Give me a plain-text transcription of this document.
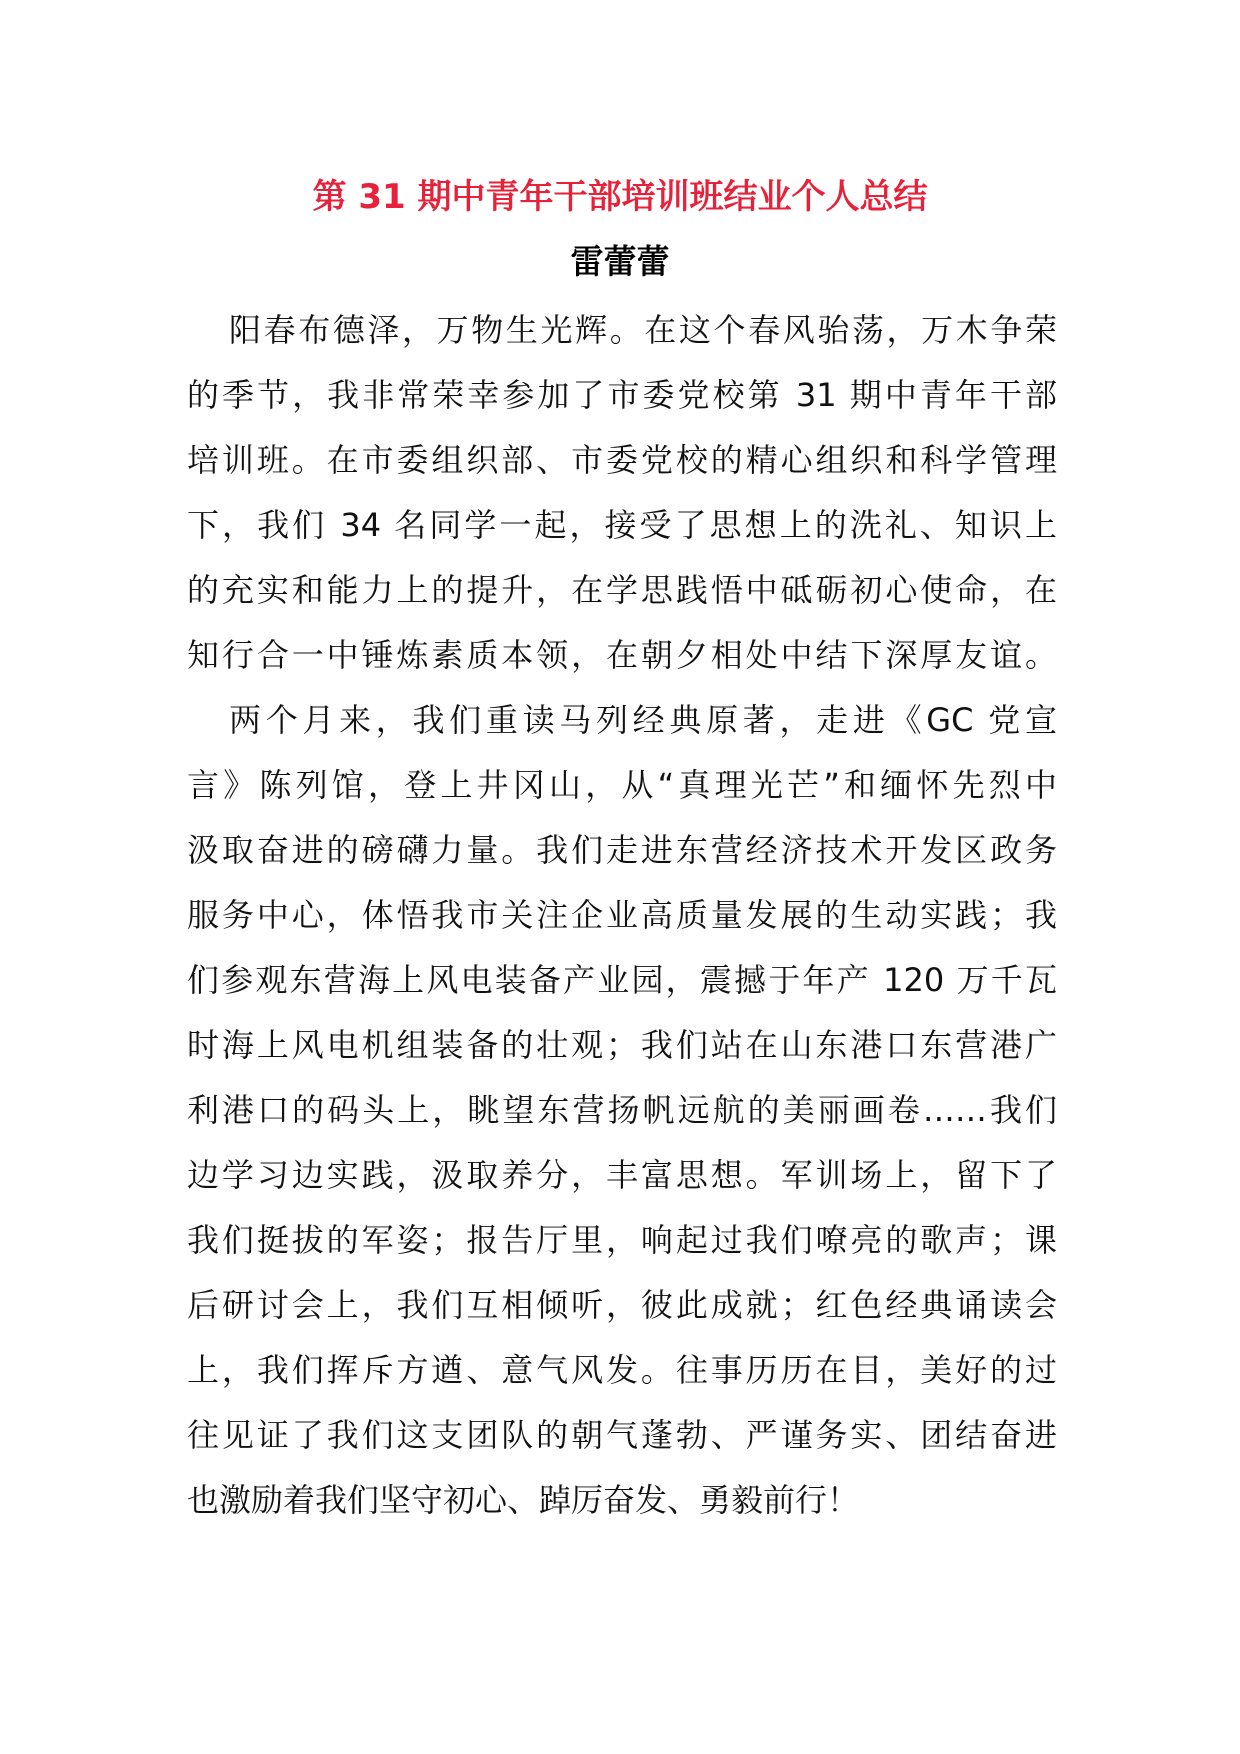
第 31 期中青年干部培训班结业个人总结
雷蕾蕾
阳春布德泽，万物生光辉。在这个春风骀荡，万木争荣
的季节，我非常荣幸参加了市委党校第 31 期中青年干部
培训班。在市委组织部、市委党校的精心组织和科学管理
下，我们 34 名同学一起，接受了思想上的洗礼、知识上
的充实和能力上的提升，在学思践悟中砥砺初心使命，在
知行合一中锤炼素质本领，在朝夕相处中结下深厚友谊。
两个月来，我们重读马列经典原著，走进《GC 党宣
言》陈列馆，登上井冈山，从“真理光芒”和缅怀先烈中
汲取奋进的磅礴力量。我们走进东营经济技术开发区政务
服务中心，体悟我市关注企业高质量发展的生动实践；我
们参观东营海上风电装备产业园，震撼于年产 120 万千瓦
时海上风电机组装备的壮观；我们站在山东港口东营港广
利港口的码头上，眺望东营扬帆远航的美丽画卷……我们
边学习边实践，汲取养分，丰富思想。军训场上，留下了
我们挺拔的军姿；报告厅里，响起过我们嘹亮的歌声；课
后研讨会上，我们互相倾听，彼此成就；红色经典诵读会
上，我们挥斥方遒、意气风发。往事历历在目，美好的过
往见证了我们这支团队的朝气蓬勃、严谨务实、团结奋进
也激励着我们坚守初心、踔厉奋发、勇毅前行！
